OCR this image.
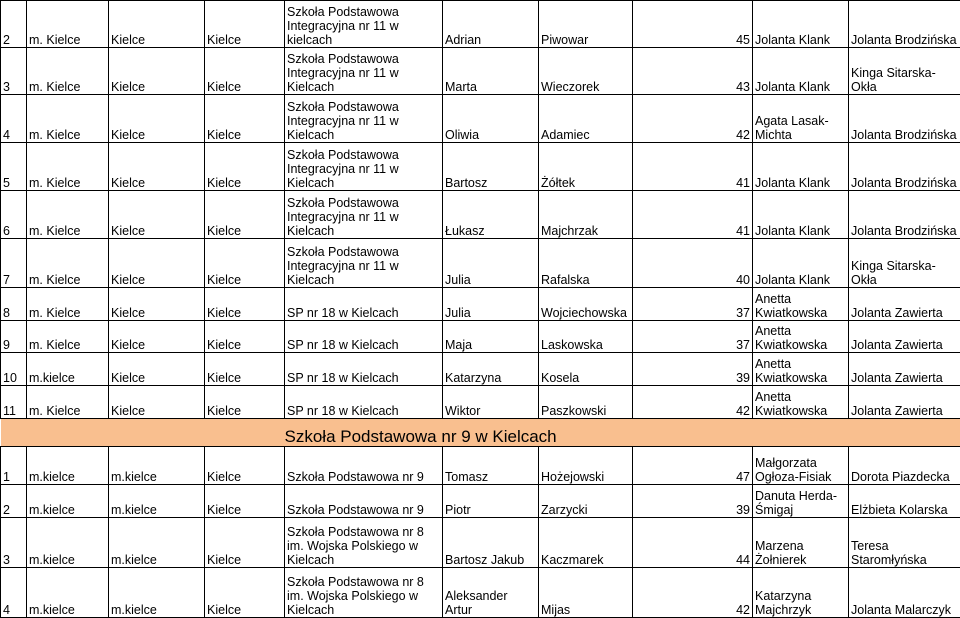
2	m. Kielce	Kielce	Kielce	Szkoła Podstawowa Integracyjna nr 11 w kielcach	Adrian	Piwowar	45	Jolanta Klank	Jolanta Brodzińska
3	m. Kielce	Kielce	Kielce	Szkoła Podstawowa Integracyjna nr 11 w Kielcach	Marta	Wieczorek	43	Jolanta Klank	Kinga Sitarska-Okła
4	m. Kielce	Kielce	Kielce	Szkoła Podstawowa Integracyjna nr 11 w Kielcach	Oliwia	Adamiec	42	Agata Lasak-Michta	Jolanta Brodzińska
5	m. Kielce	Kielce	Kielce	Szkoła Podstawowa Integracyjna nr 11 w Kielcach	Bartosz	Żółtek	41	Jolanta Klank	Jolanta Brodzińska
6	m. Kielce	Kielce	Kielce	Szkoła Podstawowa Integracyjna nr 11 w Kielcach	Łukasz	Majchrzak	41	Jolanta Klank	Jolanta Brodzińska
7	m. Kielce	Kielce	Kielce	Szkoła Podstawowa Integracyjna nr 11 w Kielcach	Julia	Rafalska	40	Jolanta Klank	Kinga Sitarska-Okła
8	m. Kielce	Kielce	Kielce	SP nr 18 w Kielcach	Julia	Wojciechowska	37	Anetta Kwiatkowska	Jolanta Zawierta
9	m. Kielce	Kielce	Kielce	SP nr 18 w Kielcach	Maja	Laskowska	37	Anetta Kwiatkowska	Jolanta Zawierta
10	m.kielce	Kielce	Kielce	SP nr 18 w Kielcach	Katarzyna	Kosela	39	Anetta Kwiatkowska	Jolanta Zawierta
11	m. Kielce	Kielce	Kielce	SP nr 18 w Kielcach	Wiktor	Paszkowski	42	Anetta Kwiatkowska	Jolanta Zawierta
				Szkoła Podstawowa nr 9 w Kielcach					
1	m.kielce	m.kielce	Kielce	Szkoła Podstawowa nr 9	Tomasz	Hożejowski	47	Małgorzata Ogłoza-Fisiak	Dorota Piazdecka
2	m.kielce	m.kielce	Kielce	Szkoła Podstawowa nr 9	Piotr	Zarzycki	39	Danuta Herda-Śmigaj	Elżbieta Kolarska
3	m.kielce	m.kielce	Kielce	Szkoła Podstawowa nr 8 im. Wojska Polskiego w Kielcach	Bartosz Jakub	Kaczmarek	44	Marzena Żołnierek	Teresa Staromłyńska
4	m.kielce	m.kielce	Kielce	Szkoła Podstawowa nr 8 im. Wojska Polskiego w Kielcach	Aleksander Artur	Mijas	42	Katarzyna Majchrzyk	Jolanta Malarczyk
